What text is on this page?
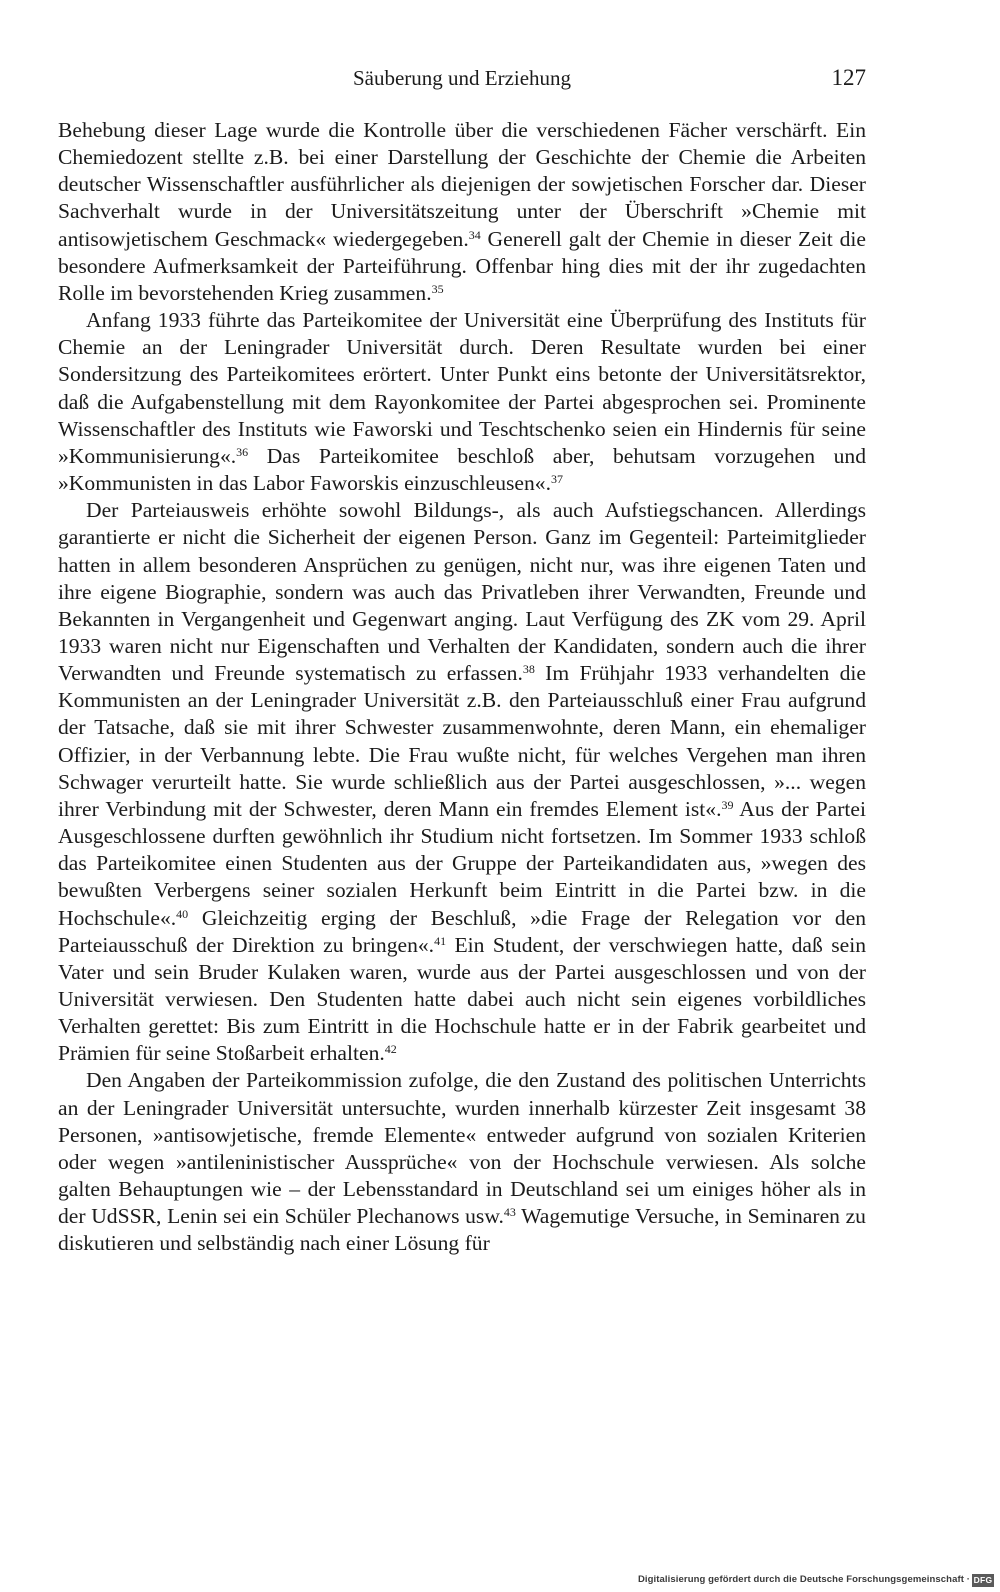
Säuberung und Erziehung	127

Behebung dieser Lage wurde die Kontrolle über die verschiedenen Fächer verschärft. Ein Chemiedozent stellte z.B. bei einer Darstellung der Geschichte der Chemie die Arbeiten deutscher Wissenschaftler ausführlicher als diejenigen der sowjetischen Forscher dar. Dieser Sachverhalt wurde in der Universitätszeitung unter der Überschrift »Chemie mit antisowjetischem Geschmack« wiedergegeben.$^{34}$ Generell galt der Chemie in dieser Zeit die besondere Aufmerksamkeit der Parteiführung. Offenbar hing dies mit der ihr zugedachten Rolle im bevorstehenden Krieg zusammen.$^{35}$

Anfang 1933 führte das Parteikomitee der Universität eine Überprüfung des Instituts für Chemie an der Leningrader Universität durch. Deren Resultate wurden bei einer Sondersitzung des Parteikomitees erörtert. Unter Punkt eins betonte der Universitätsrektor, daß die Aufgabenstellung mit dem Rayonkomitee der Partei abgesprochen sei. Prominente Wissenschaftler des Instituts wie Faworski und Teschtschenko seien ein Hindernis für seine »Kommunisierung«.$^{36}$ Das Parteikomitee beschloß aber, behutsam vorzugehen und »Kommunisten in das Labor Faworskis einzuschleusen«.$^{37}$

Der Parteiausweis erhöhte sowohl Bildungs-, als auch Aufstiegschancen. Allerdings garantierte er nicht die Sicherheit der eigenen Person. Ganz im Gegenteil: Parteimitglieder hatten in allem besonderen Ansprüchen zu genügen, nicht nur, was ihre eigenen Taten und ihre eigene Biographie, sondern was auch das Privatleben ihrer Verwandten, Freunde und Bekannten in Vergangenheit und Gegenwart anging. Laut Verfügung des ZK vom 29. April 1933 waren nicht nur Eigenschaften und Verhalten der Kandidaten, sondern auch die ihrer Verwandten und Freunde systematisch zu erfassen.$^{38}$ Im Frühjahr 1933 verhandelten die Kommunisten an der Leningrader Universität z.B. den Parteiausschluß einer Frau aufgrund der Tatsache, daß sie mit ihrer Schwester zusammenwohnte, deren Mann, ein ehemaliger Offizier, in der Verbannung lebte. Die Frau wußte nicht, für welches Vergehen man ihren Schwager verurteilt hatte. Sie wurde schließlich aus der Partei ausgeschlossen, »... wegen ihrer Verbindung mit der Schwester, deren Mann ein fremdes Element ist«.$^{39}$ Aus der Partei Ausgeschlossene durften gewöhnlich ihr Studium nicht fortsetzen. Im Sommer 1933 schloß das Parteikomitee einen Studenten aus der Gruppe der Parteikandidaten aus, »wegen des bewußten Verbergens seiner sozialen Herkunft beim Eintritt in die Partei bzw. in die Hochschule«.$^{40}$ Gleichzeitig erging der Beschluß, »die Frage der Relegation vor den Parteiausschuß der Direktion zu bringen«.$^{41}$ Ein Student, der verschwiegen hatte, daß sein Vater und sein Bruder Kulaken waren, wurde aus der Partei ausgeschlossen und von der Universität verwiesen. Den Studenten hatte dabei auch nicht sein eigenes vorbildliches Verhalten gerettet: Bis zum Eintritt in die Hochschule hatte er in der Fabrik gearbeitet und Prämien für seine Stoßarbeit erhalten.$^{42}$

Den Angaben der Parteikommission zufolge, die den Zustand des politischen Unterrichts an der Leningrader Universität untersuchte, wurden innerhalb kürzester Zeit insgesamt 38 Personen, »antisowjetische, fremde Elemente« entweder aufgrund von sozialen Kriterien oder wegen »antileninistischer Aussprüche« von der Hochschule verwiesen. Als solche galten Behauptungen wie – der Lebensstandard in Deutschland sei um einiges höher als in der UdSSR, Lenin sei ein Schüler Plechanows usw.$^{43}$ Wagemutige Versuche, in Seminaren zu diskutieren und selbständig nach einer Lösung für

Digitalisierung gefördert durch die Deutsche Forschungsgemeinschaft · DFG
